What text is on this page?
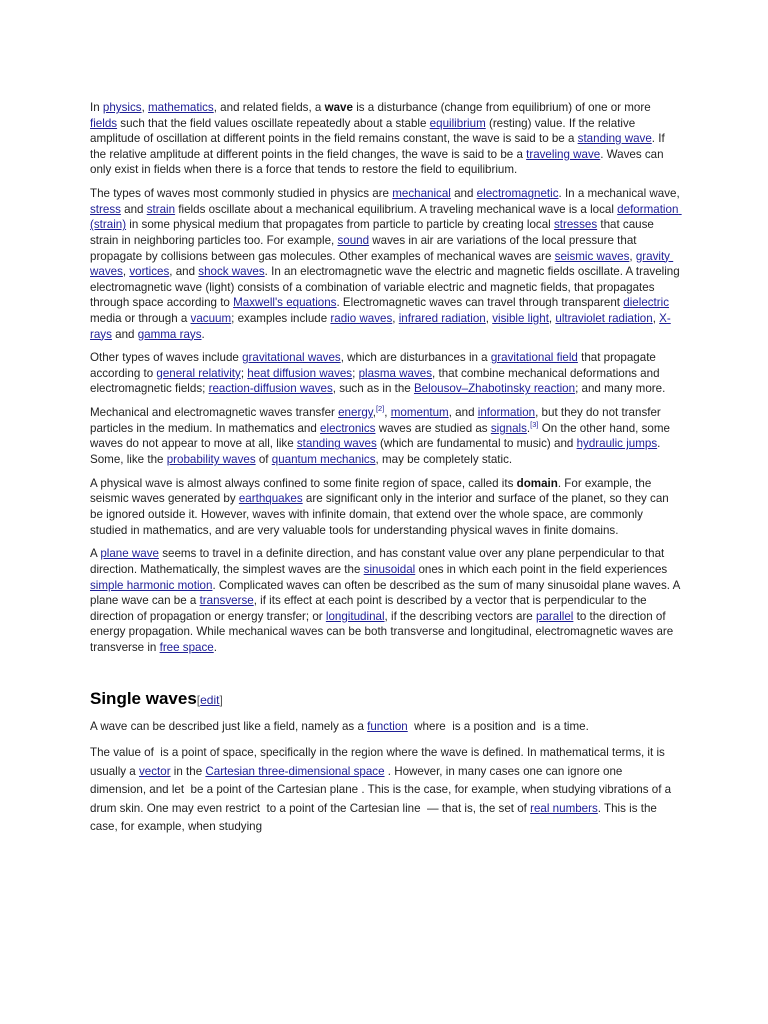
In physics, mathematics, and related fields, a wave is a disturbance (change from equilibrium) of one or more fields such that the field values oscillate repeatedly about a stable equilibrium (resting) value. If the relative amplitude of oscillation at different points in the field remains constant, the wave is said to be a standing wave. If the relative amplitude at different points in the field changes, the wave is said to be a traveling wave. Waves can only exist in fields when there is a force that tends to restore the field to equilibrium.

The types of waves most commonly studied in physics are mechanical and electromagnetic. In a mechanical wave, stress and strain fields oscillate about a mechanical equilibrium. A traveling mechanical wave is a local deformation (strain) in some physical medium that propagates from particle to particle by creating local stresses that cause strain in neighboring particles too. For example, sound waves in air are variations of the local pressure that propagate by collisions between gas molecules. Other examples of mechanical waves are seismic waves, gravity waves, vortices, and shock waves. In an electromagnetic wave the electric and magnetic fields oscillate. A traveling electromagnetic wave (light) consists of a combination of variable electric and magnetic fields, that propagates through space according to Maxwell's equations. Electromagnetic waves can travel through transparent dielectric media or through a vacuum; examples include radio waves, infrared radiation, visible light, ultraviolet radiation, X-rays and gamma rays.

Other types of waves include gravitational waves, which are disturbances in a gravitational field that propagate according to general relativity; heat diffusion waves; plasma waves, that combine mechanical deformations and electromagnetic fields; reaction-diffusion waves, such as in the Belousov–Zhabotinsky reaction; and many more.

Mechanical and electromagnetic waves transfer energy,[2], momentum, and information, but they do not transfer particles in the medium. In mathematics and electronics waves are studied as signals.[3] On the other hand, some waves do not appear to move at all, like standing waves (which are fundamental to music) and hydraulic jumps. Some, like the probability waves of quantum mechanics, may be completely static.

A physical wave is almost always confined to some finite region of space, called its domain. For example, the seismic waves generated by earthquakes are significant only in the interior and surface of the planet, so they can be ignored outside it. However, waves with infinite domain, that extend over the whole space, are commonly studied in mathematics, and are very valuable tools for understanding physical waves in finite domains.

A plane wave seems to travel in a definite direction, and has constant value over any plane perpendicular to that direction. Mathematically, the simplest waves are the sinusoidal ones in which each point in the field experiences simple harmonic motion. Complicated waves can often be described as the sum of many sinusoidal plane waves. A plane wave can be a transverse, if its effect at each point is described by a vector that is perpendicular to the direction of propagation or energy transfer; or longitudinal, if the describing vectors are parallel to the direction of energy propagation. While mechanical waves can be both transverse and longitudinal, electromagnetic waves are transverse in free space.

Single waves[edit]

A wave can be described just like a field, namely as a function  where  is a position and  is a time.

The value of  is a point of space, specifically in the region where the wave is defined. In mathematical terms, it is usually a vector in the Cartesian three-dimensional space . However, in many cases one can ignore one dimension, and let  be a point of the Cartesian plane . This is the case, for example, when studying vibrations of a drum skin. One may even restrict  to a point of the Cartesian line  — that is, the set of real numbers. This is the case, for example, when studying
